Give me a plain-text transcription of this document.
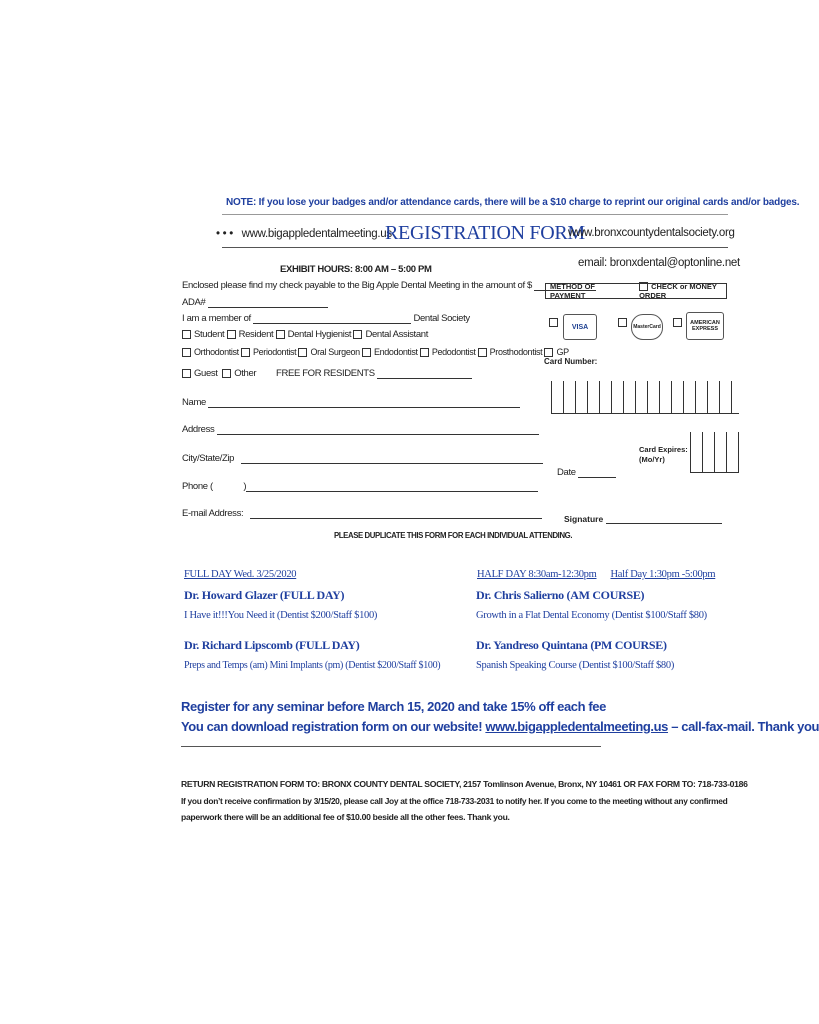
NOTE: If you lose your badges and/or attendance cards, there will be a $10 charge to reprint our original cards and/or badges.
• • • www.bigappledentalmeeting.us
REGISTRATION FORM
www.bronxcountydentalsociety.org
email: bronxdental@optonline.net
EXHIBIT HOURS: 8:00 AM – 5:00 PM
Enclosed please find my check payable to the Big Apple Dental Meeting in the amount of $
ADA#
I am a member of	Dental Society
Student Resident Dental Hygienist Dental Assistant
Orthodontist Periodontist Oral Surgeon Endodontist Pedodontist Prosthodontist GP
Guest Other FREE FOR RESIDENTS
Name
Address
City/State/Zip
Phone (	)
E-mail Address:
PLEASE DUPLICATE THIS FORM FOR EACH INDIVIDUAL ATTENDING.
METHOD OF PAYMENT
CHECK or MONEY ORDER
VISA	MasterCard
AMERICAN EXPRESS
Card Number:
Card Expires: (Mo/Yr)
Date
Signature
FULL DAY Wed. 3/25/2020	HALF DAY 8:30am-12:30pm Half Day 1:30pm -5:00pm
Dr. Howard Glazer (FULL DAY)
I Have it!!!You Need it (Dentist $200/Staff $100)
Dr. Richard Lipscomb (FULL DAY)
Preps and Temps (am) Mini Implants (pm) (Dentist $200/Staff $100)
Dr. Chris Salierno (AM COURSE)
Growth in a Flat Dental Economy (Dentist $100/Staff $80)
Dr. Yandreso Quintana (PM COURSE)
Spanish Speaking Course (Dentist $100/Staff $80)
Register for any seminar before March 15, 2020 and take 15% off each fee
You can download registration form on our website! www.bigappledentalmeeting.us – call-fax-mail. Thank you
RETURN REGISTRATION FORM TO: BRONX COUNTY DENTAL SOCIETY, 2157 Tomlinson Avenue, Bronx, NY 10461 OR FAX FORM TO: 718-733-0186
If you don’t receive confirmation by 3/15/20, please call Joy at the office 718-733-2031 to notify her. If you come to the meeting without any confirmed
paperwork there will be an additional fee of $10.00 beside all the other fees. Thank you.
